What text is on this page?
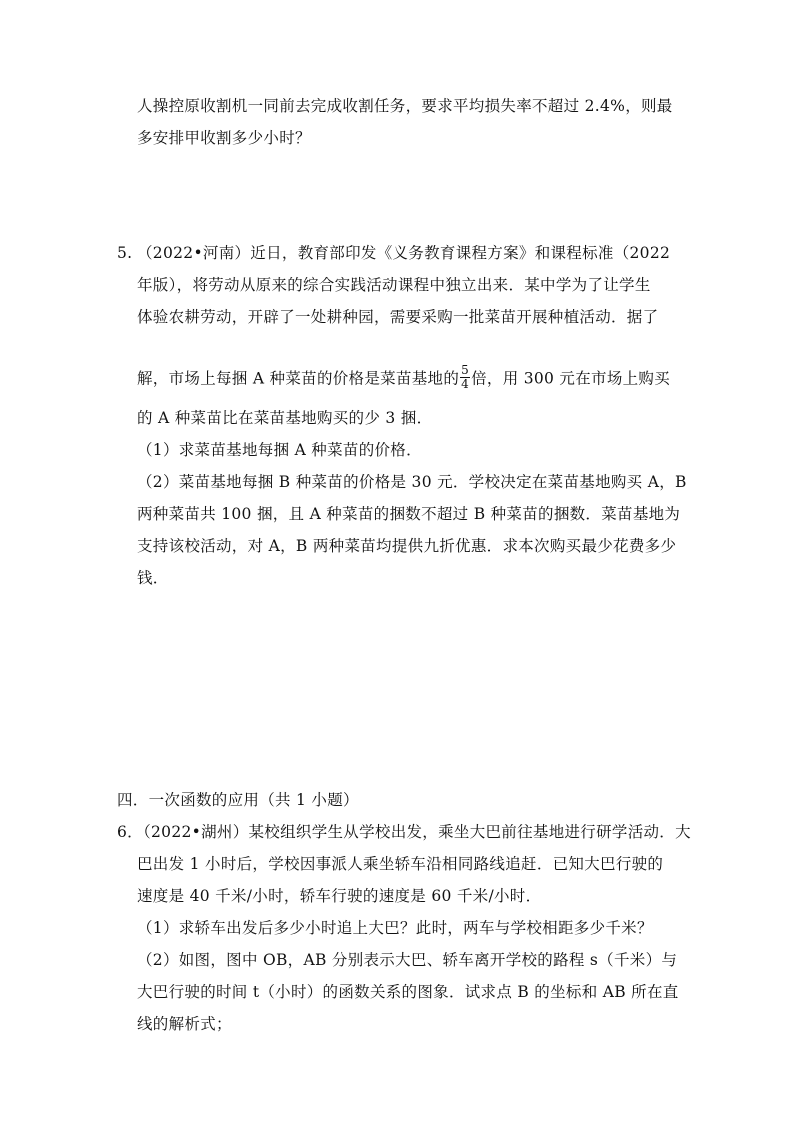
人操控原收割机一同前去完成收割任务，要求平均损失率不超过 2.4%，则最
多安排甲收割多少小时？
5. （2022•河南）近日，教育部印发《义务教育课程方案》和课程标准（2022
年版），将劳动从原来的综合实践活动课程中独立出来．某中学为了让学生
体验农耕劳动，开辟了一处耕种园，需要采购一批菜苗开展种植活动．据了
解，市场上每捆 A 种菜苗的价格是菜苗基地的 $\frac{5}{4}$ 倍，用 300 元在市场上购买
的 A 种菜苗比在菜苗基地购买的少 3 捆．
（1）求菜苗基地每捆 A 种菜苗的价格．
（2）菜苗基地每捆 B 种菜苗的价格是 30 元．学校决定在菜苗基地购买 A，B
两种菜苗共 100 捆，且 A 种菜苗的捆数不超过 B 种菜苗的捆数．菜苗基地为
支持该校活动，对 A，B 两种菜苗均提供九折优惠．求本次购买最少花费多少
钱．
四．一次函数的应用（共 1 小题）
6．（2022•湖州）某校组织学生从学校出发，乘坐大巴前往基地进行研学活动．大
巴出发 1 小时后，学校因事派人乘坐轿车沿相同路线追赶．已知大巴行驶的
速度是 40 千米/小时，轿车行驶的速度是 60 千米/小时．
（1）求轿车出发后多少小时追上大巴？此时，两车与学校相距多少千米？
（2）如图，图中 OB，AB 分别表示大巴、轿车离开学校的路程 s（千米）与
大巴行驶的时间 t（小时）的函数关系的图象．试求点 B 的坐标和 AB 所在直
线的解析式；
